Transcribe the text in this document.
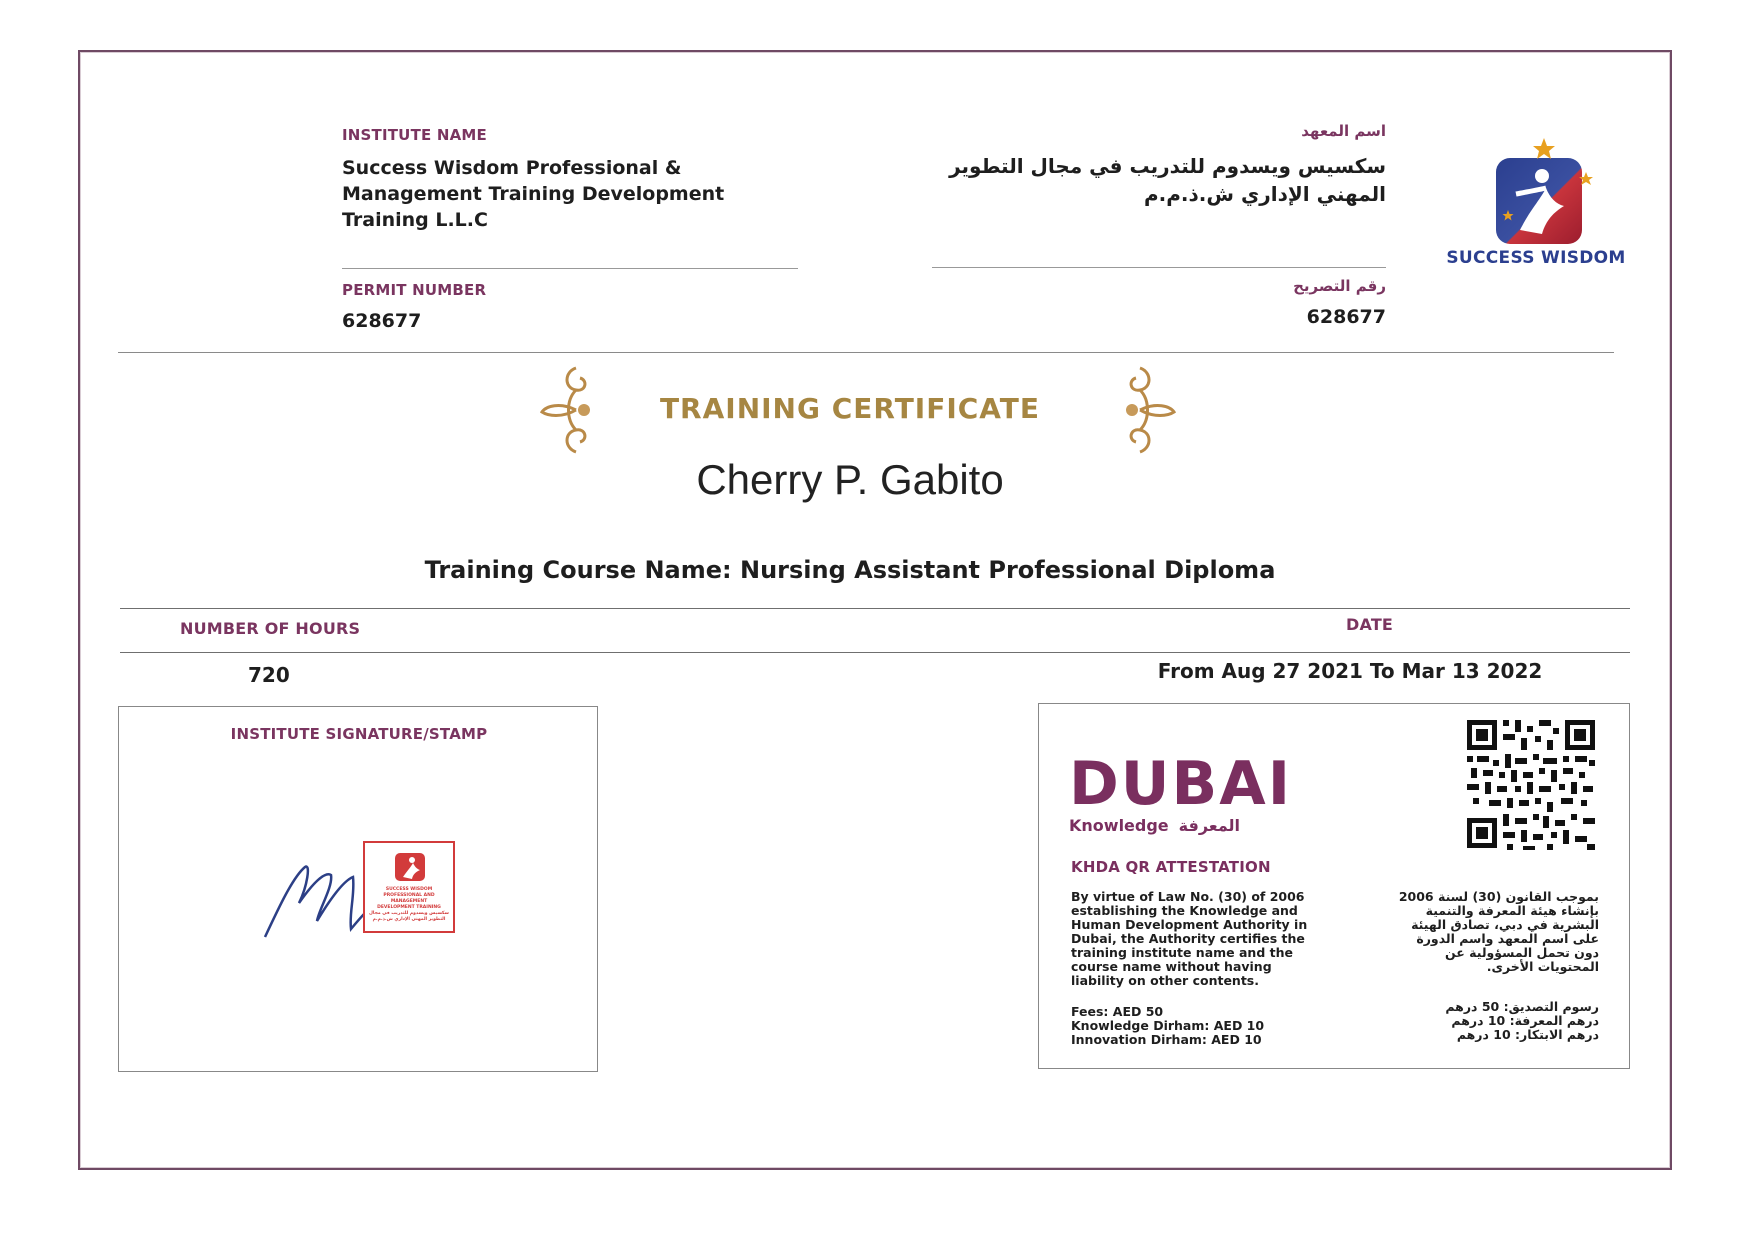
INSTITUTE NAME	اسم المعهد
Success Wisdom Professional &
Management Training Development
Training L.L.C
سكسيس ويسدوم للتدريب في مجال التطوير
المهني الإداري ش.ذ.م.م
PERMIT NUMBER	رقم التصريح
628677	628677
SUCCESS WISDOM
TRAINING CERTIFICATE
Cherry P. Gabito
Training Course Name: Nursing Assistant Professional Diploma
NUMBER OF HOURS	DATE
720	From Aug 27 2021 To Mar 13 2022
INSTITUTE SIGNATURE/STAMP
SUCCESS WISDOM
PROFESSIONAL AND MANAGEMENT
DEVELOPMENT TRAINING
سكسيس ويسدوم للتدريب في مجال
التطوير المهني الإداري ش.ذ.م.م
DUBAI
Knowledge المعرفة
KHDA QR ATTESTATION
By virtue of Law No. (30) of 2006
establishing the Knowledge and
Human Development Authority in
Dubai, the Authority certifies the
training institute name and the
course name without having
liability on other contents.
بموجب القانون (30) لسنة 2006
بإنشاء هيئة المعرفة والتنمية
البشرية في دبي، تصادق الهيئة
على اسم المعهد واسم الدورة
دون تحمل المسؤولية عن
المحتويات الأخرى.
Fees: AED 50
Knowledge Dirham: AED 10
Innovation Dirham: AED 10
رسوم التصديق: 50 درهم
درهم المعرفة: 10 درهم
درهم الابتكار: 10 درهم
